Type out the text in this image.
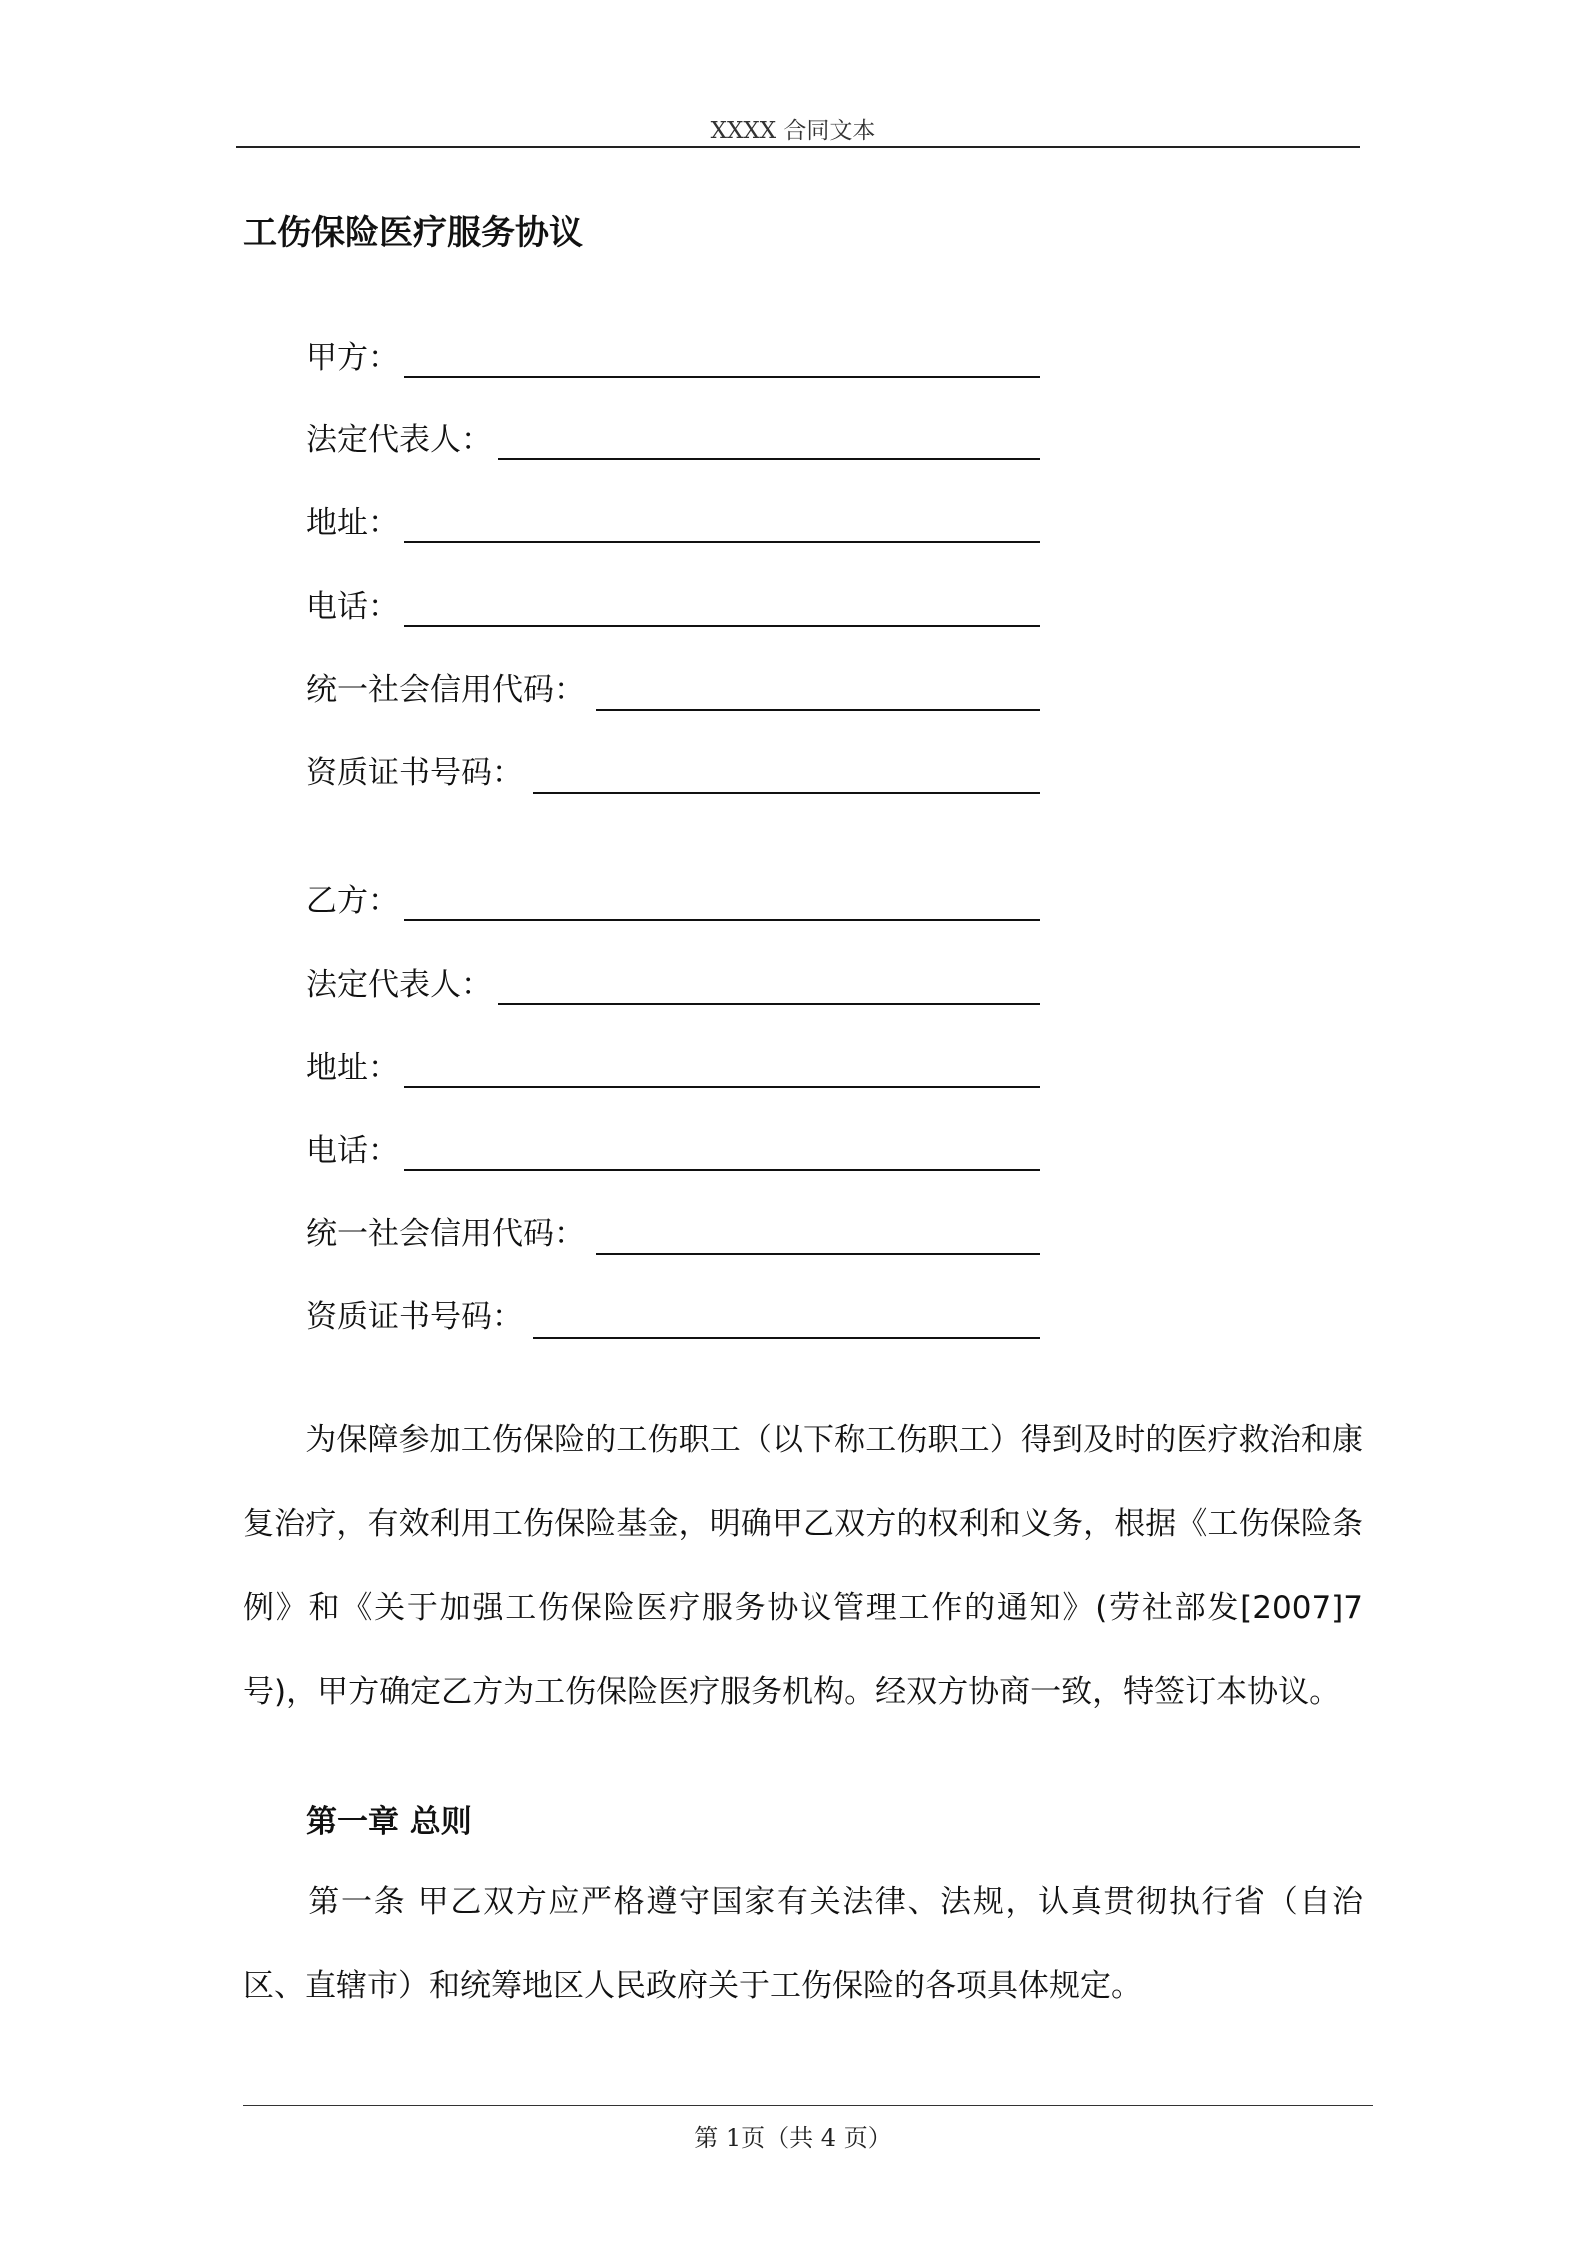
XXXX 合同文本
工伤保险医疗服务协议
甲方：
法定代表人：
地址：
电话：
统一社会信用代码：
资质证书号码：
乙方：
法定代表人：
地址：
电话：
统一社会信用代码：
资质证书号码：
　　为保障参加工伤保险的工伤职工（以下称工伤职工）得到及时的医疗救治和康复治疗，有效利用工伤保险基金，明确甲乙双方的权利和义务，根据《工伤保险条例》和《关于加强工伤保险医疗服务协议管理工作的通知》(劳社部发[2007]7号)，甲方确定乙方为工伤保险医疗服务机构。经双方协商一致，特签订本协议。
第一章 总则
　　第一条 甲乙双方应严格遵守国家有关法律、法规，认真贯彻执行省（自治区、直辖市）和统筹地区人民政府关于工伤保险的各项具体规定。
第 1页（共 4 页）
